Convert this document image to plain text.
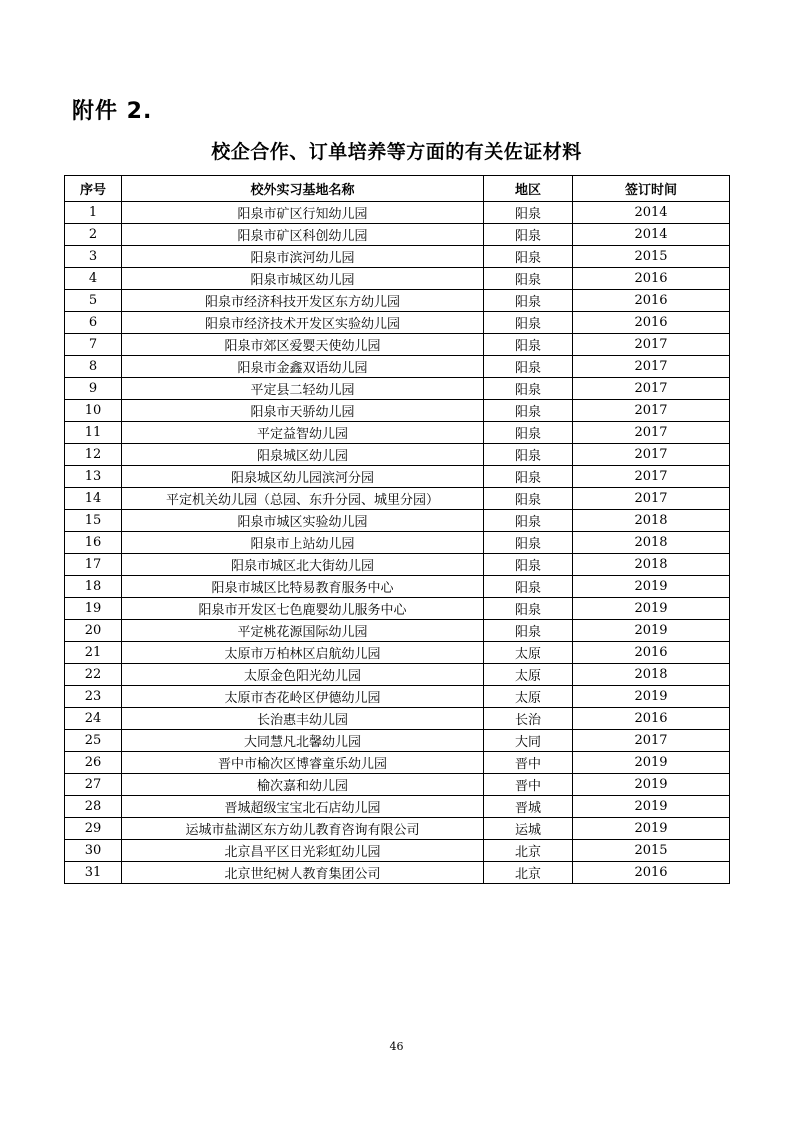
附件 2.
校企合作、订单培养等方面的有关佐证材料
序号	校外实习基地名称	地区	签订时间
1	阳泉市矿区行知幼儿园	阳泉	2014
2	阳泉市矿区科创幼儿园	阳泉	2014
3	阳泉市滨河幼儿园	阳泉	2015
4	阳泉市城区幼儿园	阳泉	2016
5	阳泉市经济科技开发区东方幼儿园	阳泉	2016
6	阳泉市经济技术开发区实验幼儿园	阳泉	2016
7	阳泉市郊区爱婴天使幼儿园	阳泉	2017
8	阳泉市金鑫双语幼儿园	阳泉	2017
9	平定县二轻幼儿园	阳泉	2017
10	阳泉市天骄幼儿园	阳泉	2017
11	平定益智幼儿园	阳泉	2017
12	阳泉城区幼儿园	阳泉	2017
13	阳泉城区幼儿园滨河分园	阳泉	2017
14	平定机关幼儿园（总园、东升分园、城里分园）	阳泉	2017
15	阳泉市城区实验幼儿园	阳泉	2018
16	阳泉市上站幼儿园	阳泉	2018
17	阳泉市城区北大街幼儿园	阳泉	2018
18	阳泉市城区比特易教育服务中心	阳泉	2019
19	阳泉市开发区七色鹿婴幼儿服务中心	阳泉	2019
20	平定桃花源国际幼儿园	阳泉	2019
21	太原市万柏林区启航幼儿园	太原	2016
22	太原金色阳光幼儿园	太原	2018
23	太原市杏花岭区伊德幼儿园	太原	2019
24	长治惠丰幼儿园	长治	2016
25	大同慧凡北馨幼儿园	大同	2017
26	晋中市榆次区博睿童乐幼儿园	晋中	2019
27	榆次嘉和幼儿园	晋中	2019
28	晋城超级宝宝北石店幼儿园	晋城	2019
29	运城市盐湖区东方幼儿教育咨询有限公司	运城	2019
30	北京昌平区日光彩虹幼儿园	北京	2015
31	北京世纪树人教育集团公司	北京	2016
46
